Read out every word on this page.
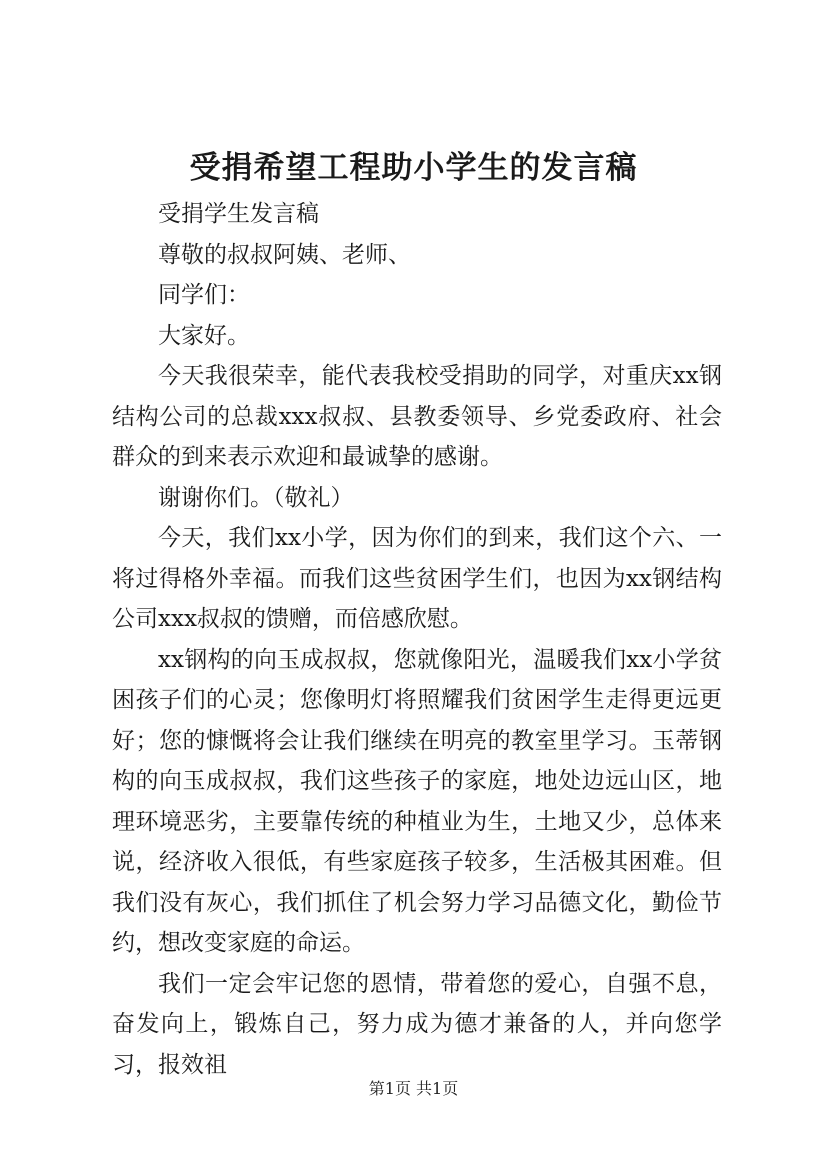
受捐希望工程助小学生的发言稿

受捐学生发言稿

尊敬的叔叔阿姨、老师、

同学们：

大家好。

今天我很荣幸，能代表我校受捐助的同学，对重庆xx钢结构公司的总裁xxx叔叔、县教委领导、乡党委政府、社会群众的到来表示欢迎和最诚挚的感谢。

谢谢你们。（敬礼）

今天，我们xx小学，因为你们的到来，我们这个六、一将过得格外幸福。而我们这些贫困学生们，也因为xx钢结构公司xxx叔叔的馈赠，而倍感欣慰。

xx钢构的向玉成叔叔，您就像阳光，温暖我们xx小学贫困孩子们的心灵；您像明灯将照耀我们贫困学生走得更远更好；您的慷慨将会让我们继续在明亮的教室里学习。玉蒂钢构的向玉成叔叔，我们这些孩子的家庭，地处边远山区，地理环境恶劣，主要靠传统的种植业为生，土地又少，总体来说，经济收入很低，有些家庭孩子较多，生活极其困难。但我们没有灰心，我们抓住了机会努力学习品德文化，勤俭节约，想改变家庭的命运。

我们一定会牢记您的恩情，带着您的爱心，自强不息，奋发向上，锻炼自己，努力成为德才兼备的人，并向您学习，报效祖

第1页 共1页
